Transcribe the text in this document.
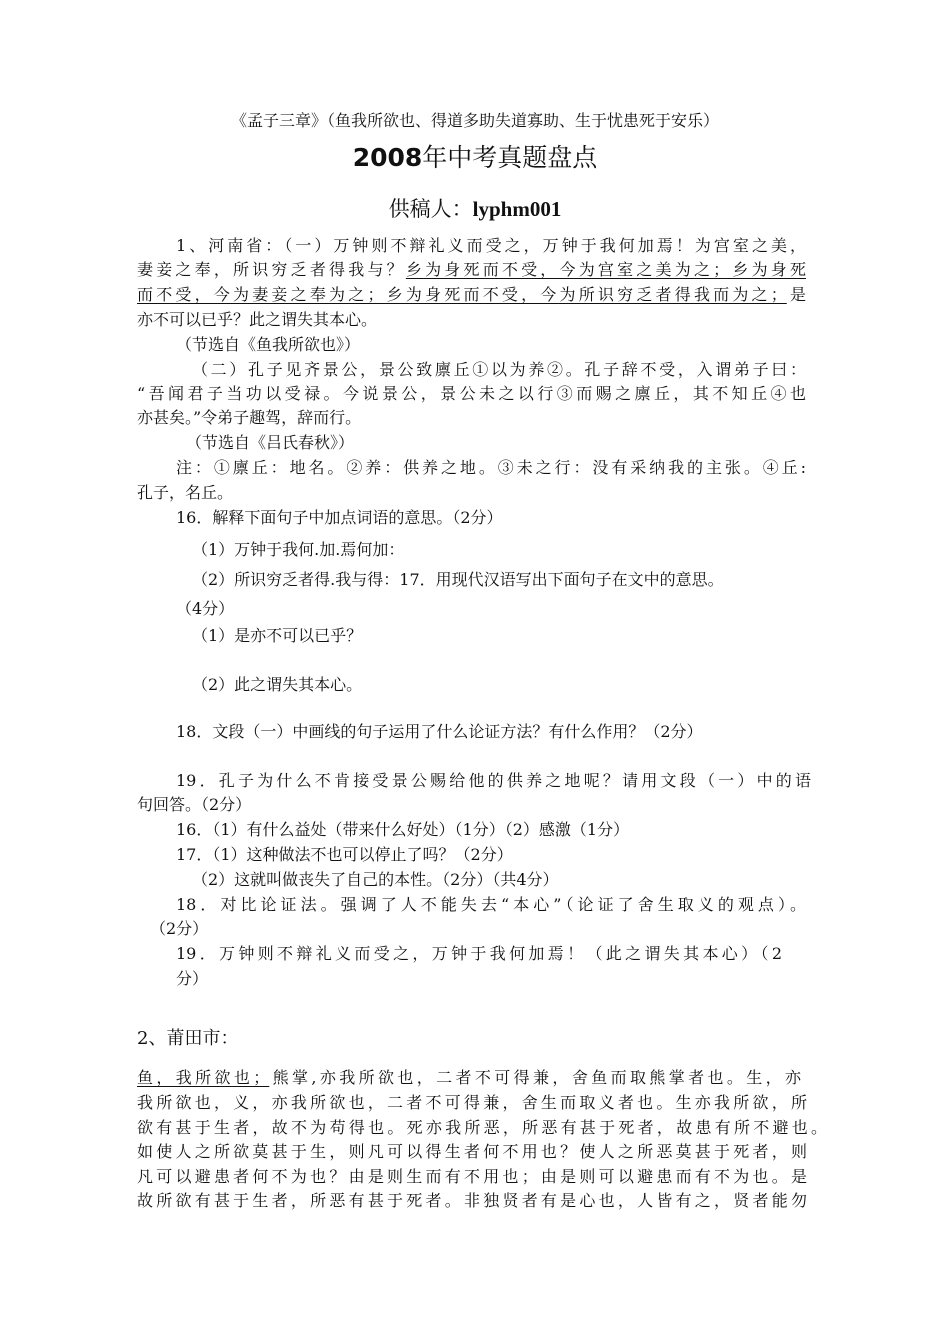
《孟子三章》（鱼我所欲也、得道多助失道寡助、生于忧患死于安乐）
2008年中考真题盘点
供稿人：lyphm001
1、河南省：（一）万钟则不辩礼义而受之，万钟于我何加焉！为宫室之美，
妻妾之奉，所识穷乏者得我与？乡为身死而不受，今为宫室之美为之；乡为身死
而不受，今为妻妾之奉为之；乡为身死而不受，今为所识穷乏者得我而为之；是
亦不可以已乎？此之谓失其本心。
（节选自《鱼我所欲也》）
（二）孔子见齐景公，景公致廪丘①以为养②。孔子辞不受，入谓弟子曰：
“吾闻君子当功以受禄。今说景公，景公未之以行③而赐之廪丘，其不知丘④也
亦甚矣。”令弟子趣驾，辞而行。
（节选自《吕氏春秋》）
注：①廪丘：地名。②养：供养之地。③未之行：没有采纳我的主张。④丘:
孔子，名丘。
16．解释下面句子中加点词语的意思。（2分）
（1）万钟于我何.加.焉何加：
（2）所识穷乏者得.我与得：17．用现代汉语写出下面句子在文中的意思。
（4分）
（1）是亦不可以已乎？
（2）此之谓失其本心。
18．文段（一）中画线的句子运用了什么论证方法？有什么作用？（2分）
19．孔子为什么不肯接受景公赐给他的供养之地呢？请用文段（一）中的语
句回答。（2分）
16．（1）有什么益处（带来什么好处）（1分）（2）感激（1分）
17．（1）这种做法不也可以停止了吗？（2分）
（2）这就叫做丧失了自己的本性。（2分）（共4分）
18．对比论证法。强调了人不能失去“本心”（论证了舍生取义的观点）。
（2分）
19．万钟则不辩礼义而受之，万钟于我何加焉！（此之谓失其本心）（2
分）
2、莆田市：
鱼，我所欲也；熊掌,亦我所欲也，二者不可得兼，舍鱼而取熊掌者也。生，亦
我所欲也，义，亦我所欲也，二者不可得兼，舍生而取义者也。生亦我所欲，所
欲有甚于生者，故不为苟得也。死亦我所恶，所恶有甚于死者，故患有所不避也。
如使人之所欲莫甚于生，则凡可以得生者何不用也？使人之所恶莫甚于死者，则
凡可以避患者何不为也？由是则生而有不用也；由是则可以避患而有不为也。是
故所欲有甚于生者，所恶有甚于死者。非独贤者有是心也，人皆有之，贤者能勿
